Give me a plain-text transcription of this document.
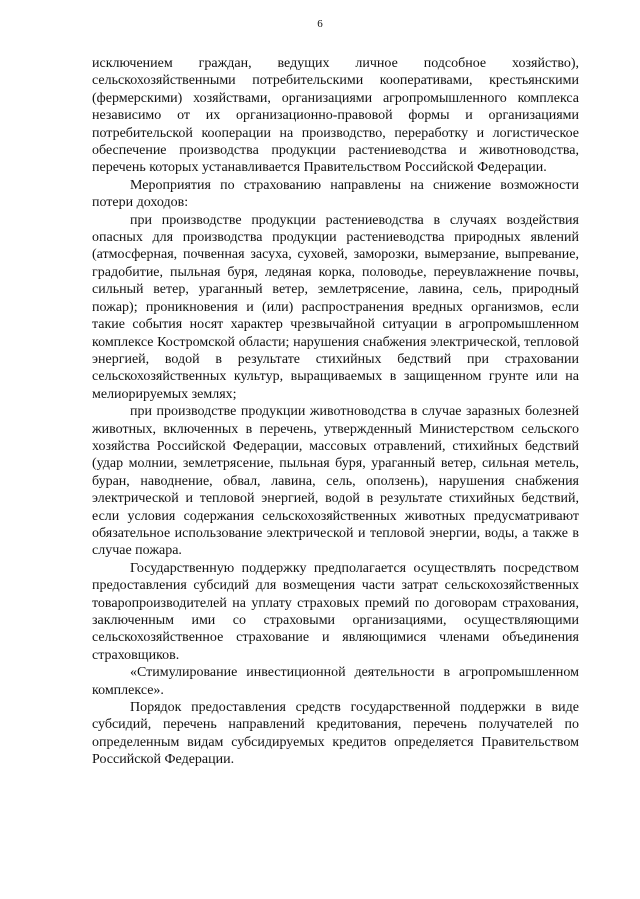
6

исключением граждан, ведущих личное подсобное хозяйство), сельскохозяйственными потребительскими кооперативами, крестьянскими (фермерскими) хозяйствами, организациями агропромышленного комплекса независимо от их организационно-правовой формы и организациями потребительской кооперации на производство, переработку и логистическое обеспечение производства продукции растениеводства и животноводства, перечень которых устанавливается Правительством Российской Федерации.

Мероприятия по страхованию направлены на снижение возможности потери доходов:

при производстве продукции растениеводства в случаях воздействия опасных для производства продукции растениеводства природных явлений (атмосферная, почвенная засуха, суховей, заморозки, вымерзание, выпревание, градобитие, пыльная буря, ледяная корка, половодье, переувлажнение почвы, сильный ветер, ураганный ветер, землетрясение, лавина, сель, природный пожар); проникновения и (или) распространения вредных организмов, если такие события носят характер чрезвычайной ситуации в агропромышленном комплексе Костромской области; нарушения снабжения электрической, тепловой энергией, водой в результате стихийных бедствий при страховании сельскохозяйственных культур, выращиваемых в защищенном грунте или на мелиорируемых землях;

при производстве продукции животноводства в случае заразных болезней животных, включенных в перечень, утвержденный Министерством сельского хозяйства Российской Федерации, массовых отравлений, стихийных бедствий (удар молнии, землетрясение, пыльная буря, ураганный ветер, сильная метель, буран, наводнение, обвал, лавина, сель, оползень), нарушения снабжения электрической и тепловой энергией, водой в результате стихийных бедствий, если условия содержания сельскохозяйственных животных предусматривают обязательное использование электрической и тепловой энергии, воды, а также в случае пожара.

Государственную поддержку предполагается осуществлять посредством предоставления субсидий для возмещения части затрат сельскохозяйственных товаропроизводителей на уплату страховых премий по договорам страхования, заключенным ими со страховыми организациями, осуществляющими сельскохозяйственное страхование и являющимися членами объединения страховщиков.

«Стимулирование инвестиционной деятельности в агропромышленном комплексе».

Порядок предоставления средств государственной поддержки в виде субсидий, перечень направлений кредитования, перечень получателей по определенным видам субсидируемых кредитов определяется Правительством Российской Федерации.
